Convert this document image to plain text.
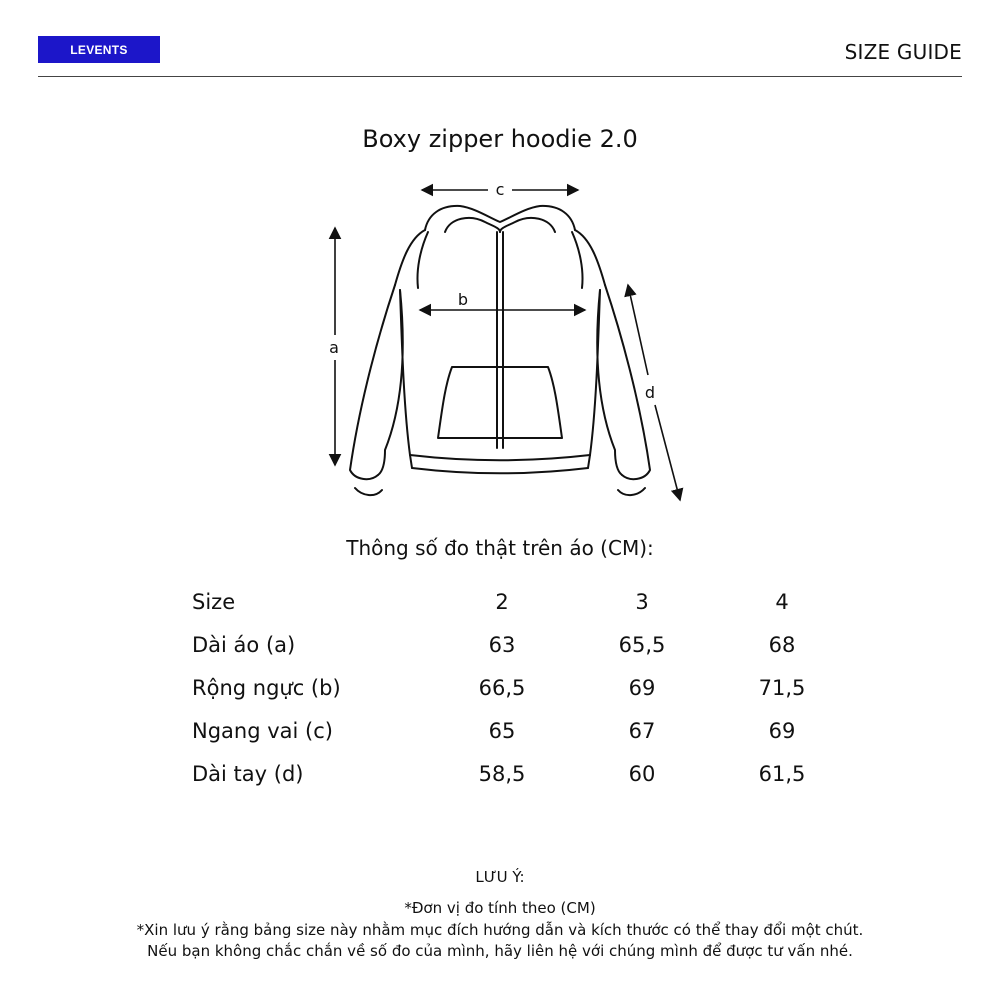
LEVENTS	SIZE GUIDE
Boxy zipper hoodie 2.0
c
a
b
d
Thông số đo thật trên áo (CM):
Size	2	3	4
Dài áo (a)	63	65,5	68
Rộng ngực (b)	66,5	69	71,5
Ngang vai (c)	65	67	69
Dài tay (d)	58,5	60	61,5
LƯU Ý:
*Đơn vị đo tính theo (CM)
*Xin lưu ý rằng bảng size này nhằm mục đích hướng dẫn và kích thước có thể thay đổi một chút.
Nếu bạn không chắc chắn về số đo của mình, hãy liên hệ với chúng mình để được tư vấn nhé.
